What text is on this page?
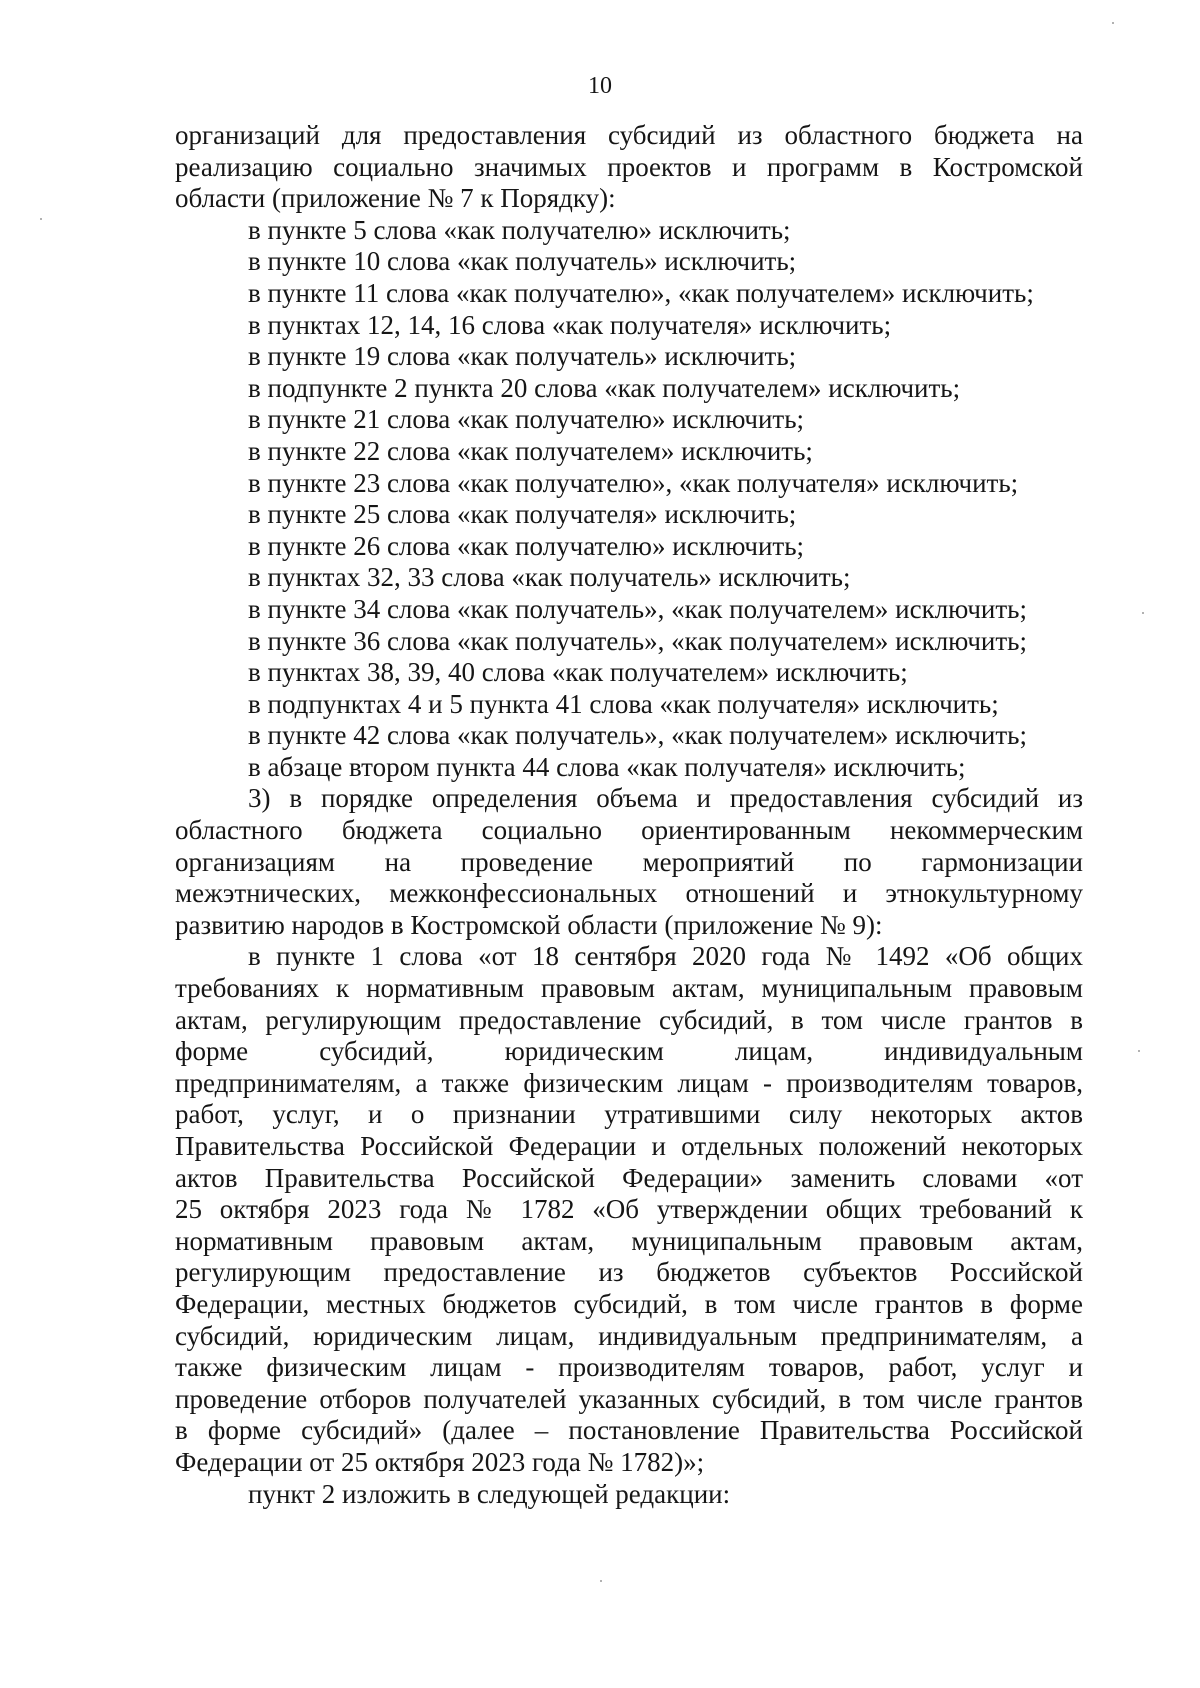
10

организаций для предоставления субсидий из областного бюджета на реализацию социально значимых проектов и программ в Костромской области (приложение № 7 к Порядку):

в пункте 5 слова «как получателю» исключить;

в пункте 10 слова «как получатель» исключить;

в пункте 11 слова «как получателю», «как получателем» исключить;

в пунктах 12, 14, 16 слова «как получателя» исключить;

в пункте 19 слова «как получатель» исключить;

в подпункте 2 пункта 20 слова «как получателем» исключить;

в пункте 21 слова «как получателю» исключить;

в пункте 22 слова «как получателем» исключить;

в пункте 23 слова «как получателю», «как получателя» исключить;

в пункте 25 слова «как получателя» исключить;

в пункте 26 слова «как получателю» исключить;

в пунктах 32, 33 слова «как получатель» исключить;

в пункте 34 слова «как получатель», «как получателем» исключить;

в пункте 36 слова «как получатель», «как получателем» исключить;

в пунктах 38, 39, 40 слова «как получателем» исключить;

в подпунктах 4 и 5 пункта 41 слова «как получателя» исключить;

в пункте 42 слова «как получатель», «как получателем» исключить;

в абзаце втором пункта 44 слова «как получателя» исключить;

3) в порядке определения объема и предоставления субсидий из
областного бюджета социально ориентированным некоммерческим
организациям на проведение мероприятий по гармонизации
межэтнических, межконфессиональных отношений и этнокультурному
развитию народов в Костромской области (приложение № 9):

в пункте 1 слова «от 18 сентября 2020 года № 1492 «Об общих
требованиях к нормативным правовым актам, муниципальным правовым
актам, регулирующим предоставление субсидий, в том числе грантов в
форме субсидий, юридическим лицам, индивидуальным
предпринимателям, а также физическим лицам - производителям товаров,
работ, услуг, и о признании утратившими силу некоторых актов
Правительства Российской Федерации и отдельных положений некоторых
актов Правительства Российской Федерации» заменить словами «от
25 октября 2023 года № 1782 «Об утверждении общих требований к
нормативным правовым актам, муниципальным правовым актам,
регулирующим предоставление из бюджетов субъектов Российской
Федерации, местных бюджетов субсидий, в том числе грантов в форме
субсидий, юридическим лицам, индивидуальным предпринимателям, а
также физическим лицам - производителям товаров, работ, услуг и
проведение отборов получателей указанных субсидий, в том числе грантов
в форме субсидий» (далее – постановление Правительства Российской
Федерации от 25 октября 2023 года № 1782)»;

пункт 2 изложить в следующей редакции:
